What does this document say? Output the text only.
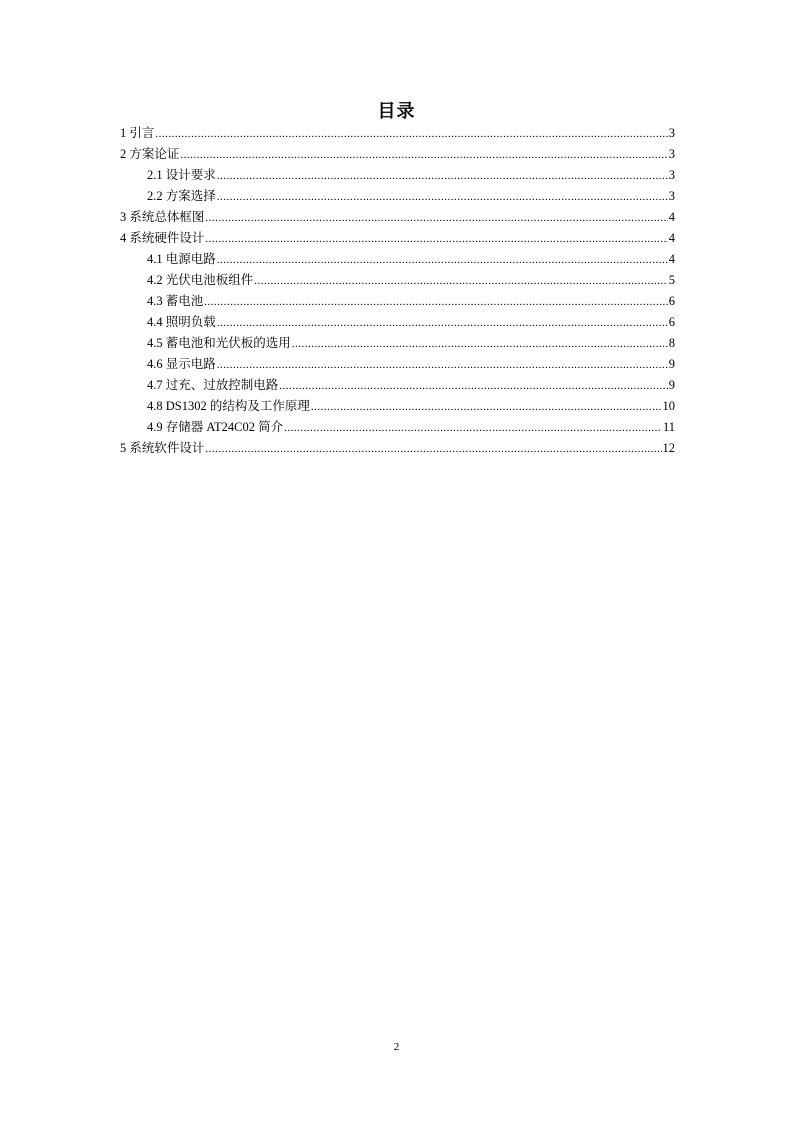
目录
1 引言 .....	3
2 方案论证 .....	3
2.1 设计要求 .....	3
2.2 方案选择 .....	3
3 系统总体框图 .....	4
4 系统硬件设计 .....	4
4.1 电源电路 .....	4
4.2 光伏电池板组件 .....	5
4.3 蓄电池 .....	6
4.4 照明负载 .....	6
4.5 蓄电池和光伏板的选用 .....	8
4.6 显示电路 .....	9
4.7 过充、过放控制电路 .....	9
4.8 DS1302 的结构及工作原理 .....	10
4.9 存储器 AT24C02 简介 .....	11
5 系统软件设计 .....	12
2
